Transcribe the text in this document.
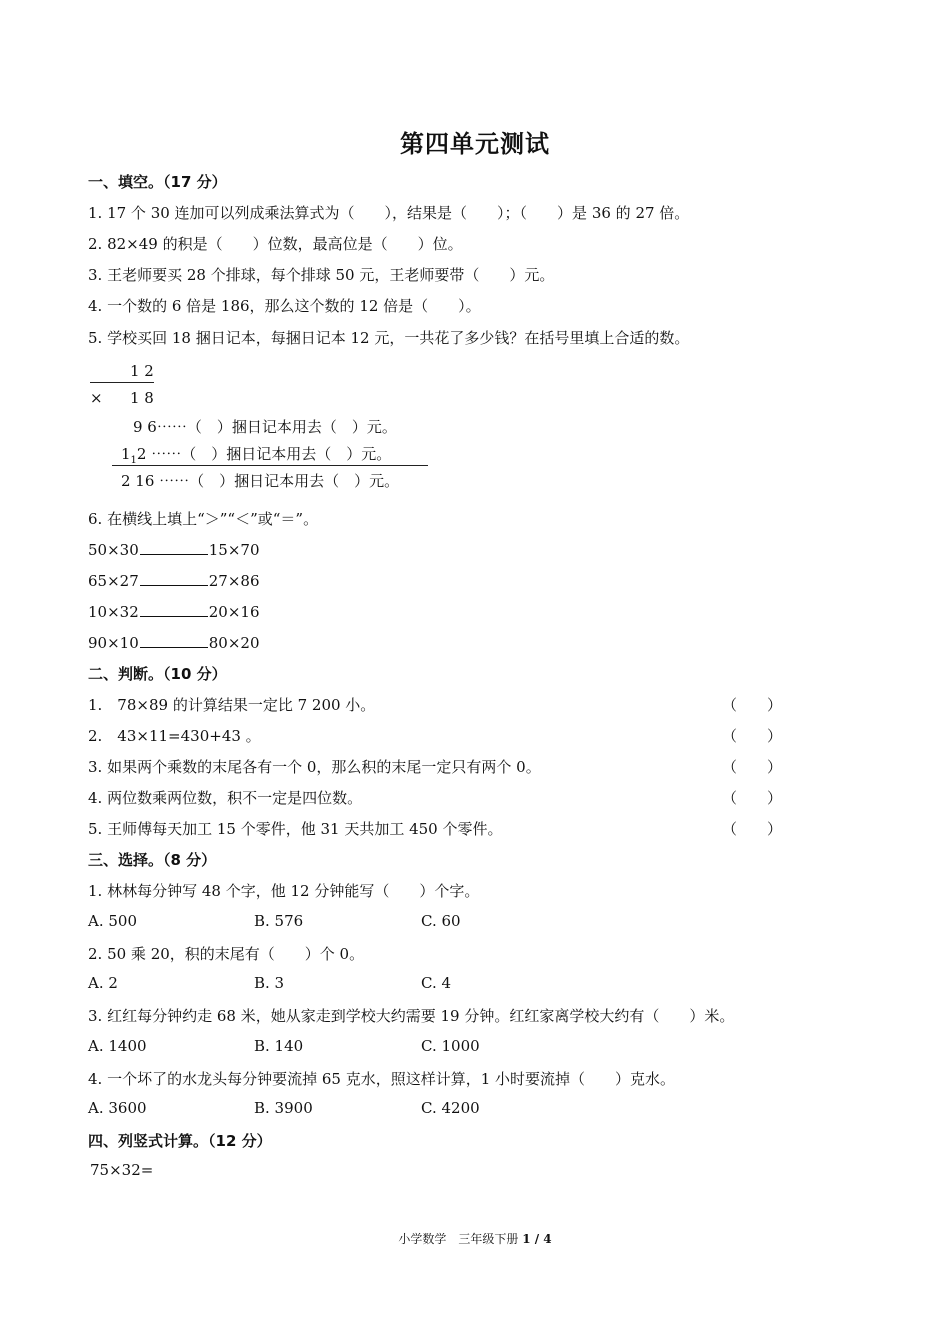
第四单元测试
一、填空。（17 分）
1. 17 个 30 连加可以列成乘法算式为（　　），结果是（　　）；（　　）是 36 的 27 倍。
2. 82×49 的积是（　　）位数，最高位是（　　）位。
3. 王老师要买 28 个排球，每个排球 50 元，王老师要带（　　）元。
4. 一个数的 6 倍是 186，那么这个数的 12 倍是（　　）。
5. 学校买回 18 捆日记本，每捆日记本 12 元，一共花了多少钱？在括号里填上合适的数。
1 2
× 1 8
9 6⋯⋯（　）捆日记本用去（　）元。
$1_12$ ⋯⋯（　）捆日记本用去（　）元。
2 16 ⋯⋯（　）捆日记本用去（　）元。
6. 在横线上填上“＞”“＜”或“＝”。
50×30	15×70
65×27	27×86
10×32	20×16
90×10	80×20
二、判断。（10 分）
1.　78×89 的计算结果一定比 7 200 小。	（　　）
2.　43×11=430+43 。	（　　）
3. 如果两个乘数的末尾各有一个 0，那么积的末尾一定只有两个 0。	（　　）
4. 两位数乘两位数，积不一定是四位数。	（　　）
5. 王师傅每天加工 15 个零件，他 31 天共加工 450 个零件。	（　　）
三、选择。（8 分）
1. 林林每分钟写 48 个字，他 12 分钟能写（　　）个字。
A. 500	B. 576	C. 60
2. 50 乘 20，积的末尾有（　　）个 0。
A. 2	B. 3	C. 4
3. 红红每分钟约走 68 米，她从家走到学校大约需要 19 分钟。红红家离学校大约有（　　）米。
A. 1400	B. 140	C. 1000
4. 一个坏了的水龙头每分钟要流掉 65 克水，照这样计算，1 小时要流掉（　　）克水。
A. 3600	B. 3900	C. 4200
四、列竖式计算。（12 分）
75×32=
小学数学　三年级下册 1 / 4
